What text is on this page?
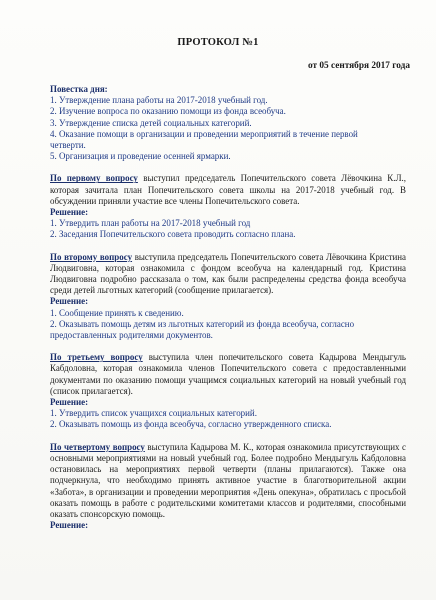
ПРОТОКОЛ №1
от 05 сентября 2017 года

Повестка дня:

1. Утверждение плана работы на 2017-2018 учебный год.

2. Изучение вопроса по оказанию помощи из фонда всеобуча.

3. Утверждение списка детей социальных категорий.

4. Оказание помощи в организации и проведении мероприятий в течение первой

четверти.

5. Организация и проведение осенней ярмарки.

По первому вопросу выступил председатель Попечительского совета Лёвочкина К.Л., которая зачитала план Попечительского совета школы на 2017-2018 учебный год. В обсуждении приняли участие все члены Попечительского совета.

Решение:

1. Утвердить план работы на 2017-2018 учебный год

2. Заседания Попечительского совета проводить согласно плана.

По второму вопросу выступила председатель Попечительского совета Лёвочкина Кристина Людвиговна, которая ознакомила с фондом всеобуча на календарный год. Кристина Людвиговна подробно рассказала о том, как были распределены средства фонда всеобуча среди детей льготных категорий (сообщение прилагается).

Решение:

1. Сообщение принять к сведению.

2. Оказывать помощь детям из льготных категорий из фонда всеобуча, согласно предоставленных родителями документов.

По третьему вопросу выступила член попечительского совета Кадырова Мендыгуль Кабдоловна, которая ознакомила членов Попечительского совета с предоставленными документами по оказанию помощи учащимся социальных категорий на новый учебный год (список прилагается).

Решение:

1. Утвердить список учащихся социальных категорий.

2. Оказывать помощь из фонда всеобуча, согласно утвержденного списка.

По четвертому вопросу выступила Кадырова М. К., которая ознакомила присутствующих с основными мероприятиями на новый учебный год. Более подробно Мендыгуль Кабдоловна остановилась на мероприятиях первой четверти (планы прилагаются). Также она подчеркнула, что необходимо принять активное участие в благотворительной акции «Забота», в организации и проведении мероприятия «День опекуна», обратилась с просьбой оказать помощь в работе с родительскими комитетами классов и родителями, способными оказать спонсорскую помощь.

Решение:
